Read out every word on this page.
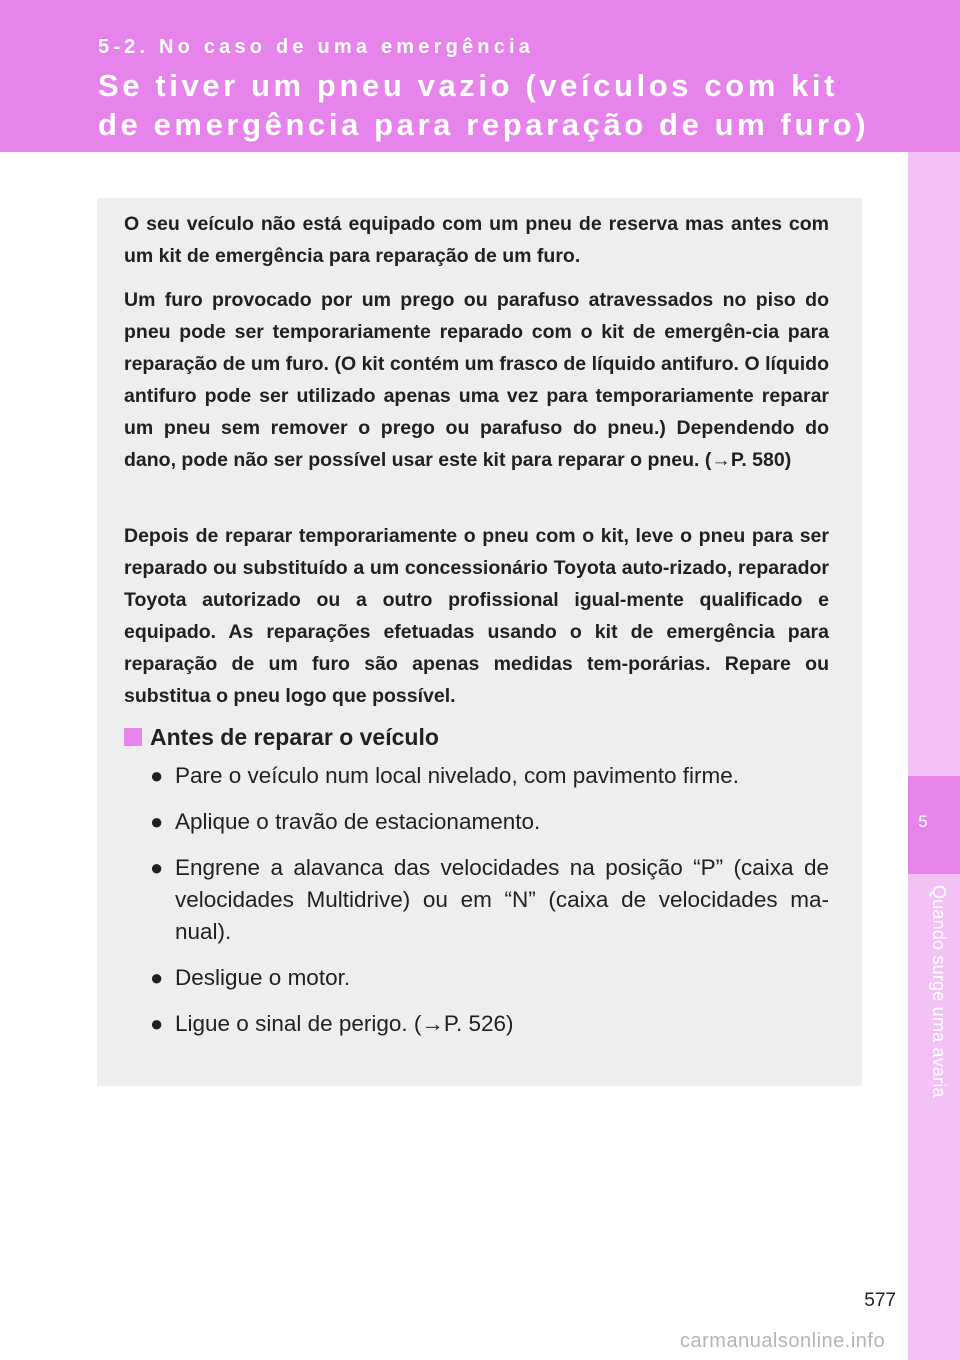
5-2. No caso de uma emergência
Se tiver um pneu vazio (veículos com kit de emergência para reparação de um furo)
5
Quando surge uma avaria

O seu veículo não está equipado com um pneu de reserva mas antes com um kit de emergência para reparação de um furo.

Um furo provocado por um prego ou parafuso atravessados no piso do pneu pode ser temporariamente reparado com o kit de emergên-cia para reparação de um furo. (O kit contém um frasco de líquido antifuro. O líquido antifuro pode ser utilizado apenas uma vez para temporariamente reparar um pneu sem remover o prego ou parafuso do pneu.) Dependendo do dano, pode não ser possível usar este kit para reparar o pneu. (→P. 580)

Depois de reparar temporariamente o pneu com o kit, leve o pneu para ser reparado ou substituído a um concessionário Toyota auto-rizado, reparador Toyota autorizado ou a outro profissional igual-mente qualificado e equipado. As reparações efetuadas usando o kit de emergência para reparação de um furo são apenas medidas tem-porárias. Repare ou substitua o pneu logo que possível.

Antes de reparar o veículo
● Pare o veículo num local nivelado, com pavimento firme.
● Aplique o travão de estacionamento.
● Engrene a alavanca das velocidades na posição “P” (caixa de velocidades Multidrive) ou em “N” (caixa de velocidades ma-nual).
● Desligue o motor.
● Ligue o sinal de perigo. (→P. 526)
577
carmanualsonline.info
